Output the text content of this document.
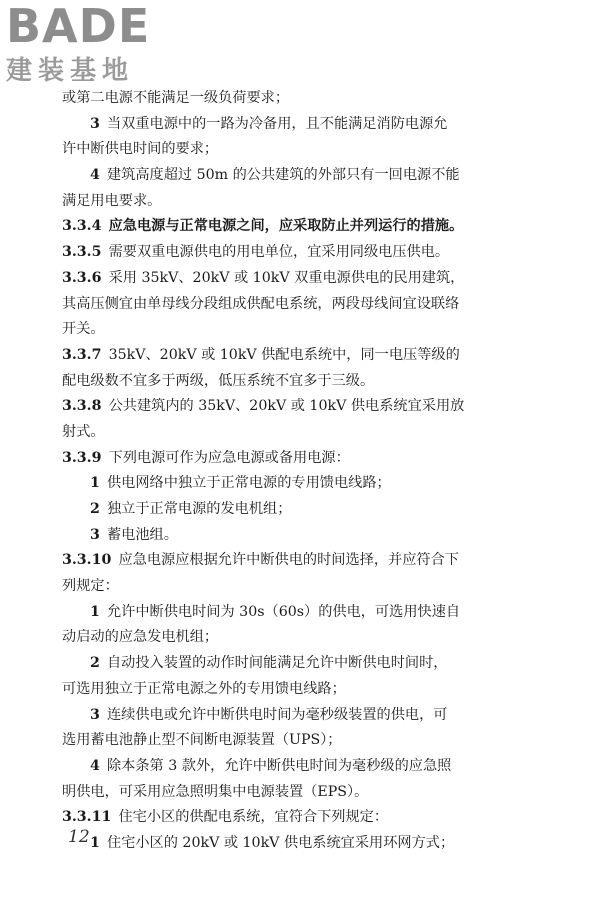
BADE
建装基地
或第二电源不能满足一级负荷要求；
3  当双重电源中的一路为冷备用，且不能满足消防电源允
许中断供电时间的要求；
4  建筑高度超过 50m 的公共建筑的外部只有一回电源不能
满足用电要求。
3.3.4  应急电源与正常电源之间，应采取防止并列运行的措施。
3.3.5  需要双重电源供电的用电单位，宜采用同级电压供电。
3.3.6  采用 35kV、20kV 或 10kV 双重电源供电的民用建筑，
其高压侧宜由单母线分段组成供配电系统，两段母线间宜设联络
开关。
3.3.7  35kV、20kV 或 10kV 供配电系统中，同一电压等级的
配电级数不宜多于两级，低压系统不宜多于三级。
3.3.8  公共建筑内的 35kV、20kV 或 10kV 供电系统宜采用放
射式。
3.3.9  下列电源可作为应急电源或备用电源：
1  供电网络中独立于正常电源的专用馈电线路；
2  独立于正常电源的发电机组；
3  蓄电池组。
3.3.10  应急电源应根据允许中断供电的时间选择，并应符合下
列规定：
1  允许中断供电时间为 30s（60s）的供电，可选用快速自
动启动的应急发电机组；
2  自动投入装置的动作时间能满足允许中断供电时间时，
可选用独立于正常电源之外的专用馈电线路；
3  连续供电或允许中断供电时间为毫秒级装置的供电，可
选用蓄电池静止型不间断电源装置（UPS）；
4  除本条第 3 款外，允许中断供电时间为毫秒级的应急照
明供电，可采用应急照明集中电源装置（EPS）。
3.3.11  住宅小区的供配电系统，宜符合下列规定：
1  住宅小区的 20kV 或 10kV 供电系统宜采用环网方式；
12
